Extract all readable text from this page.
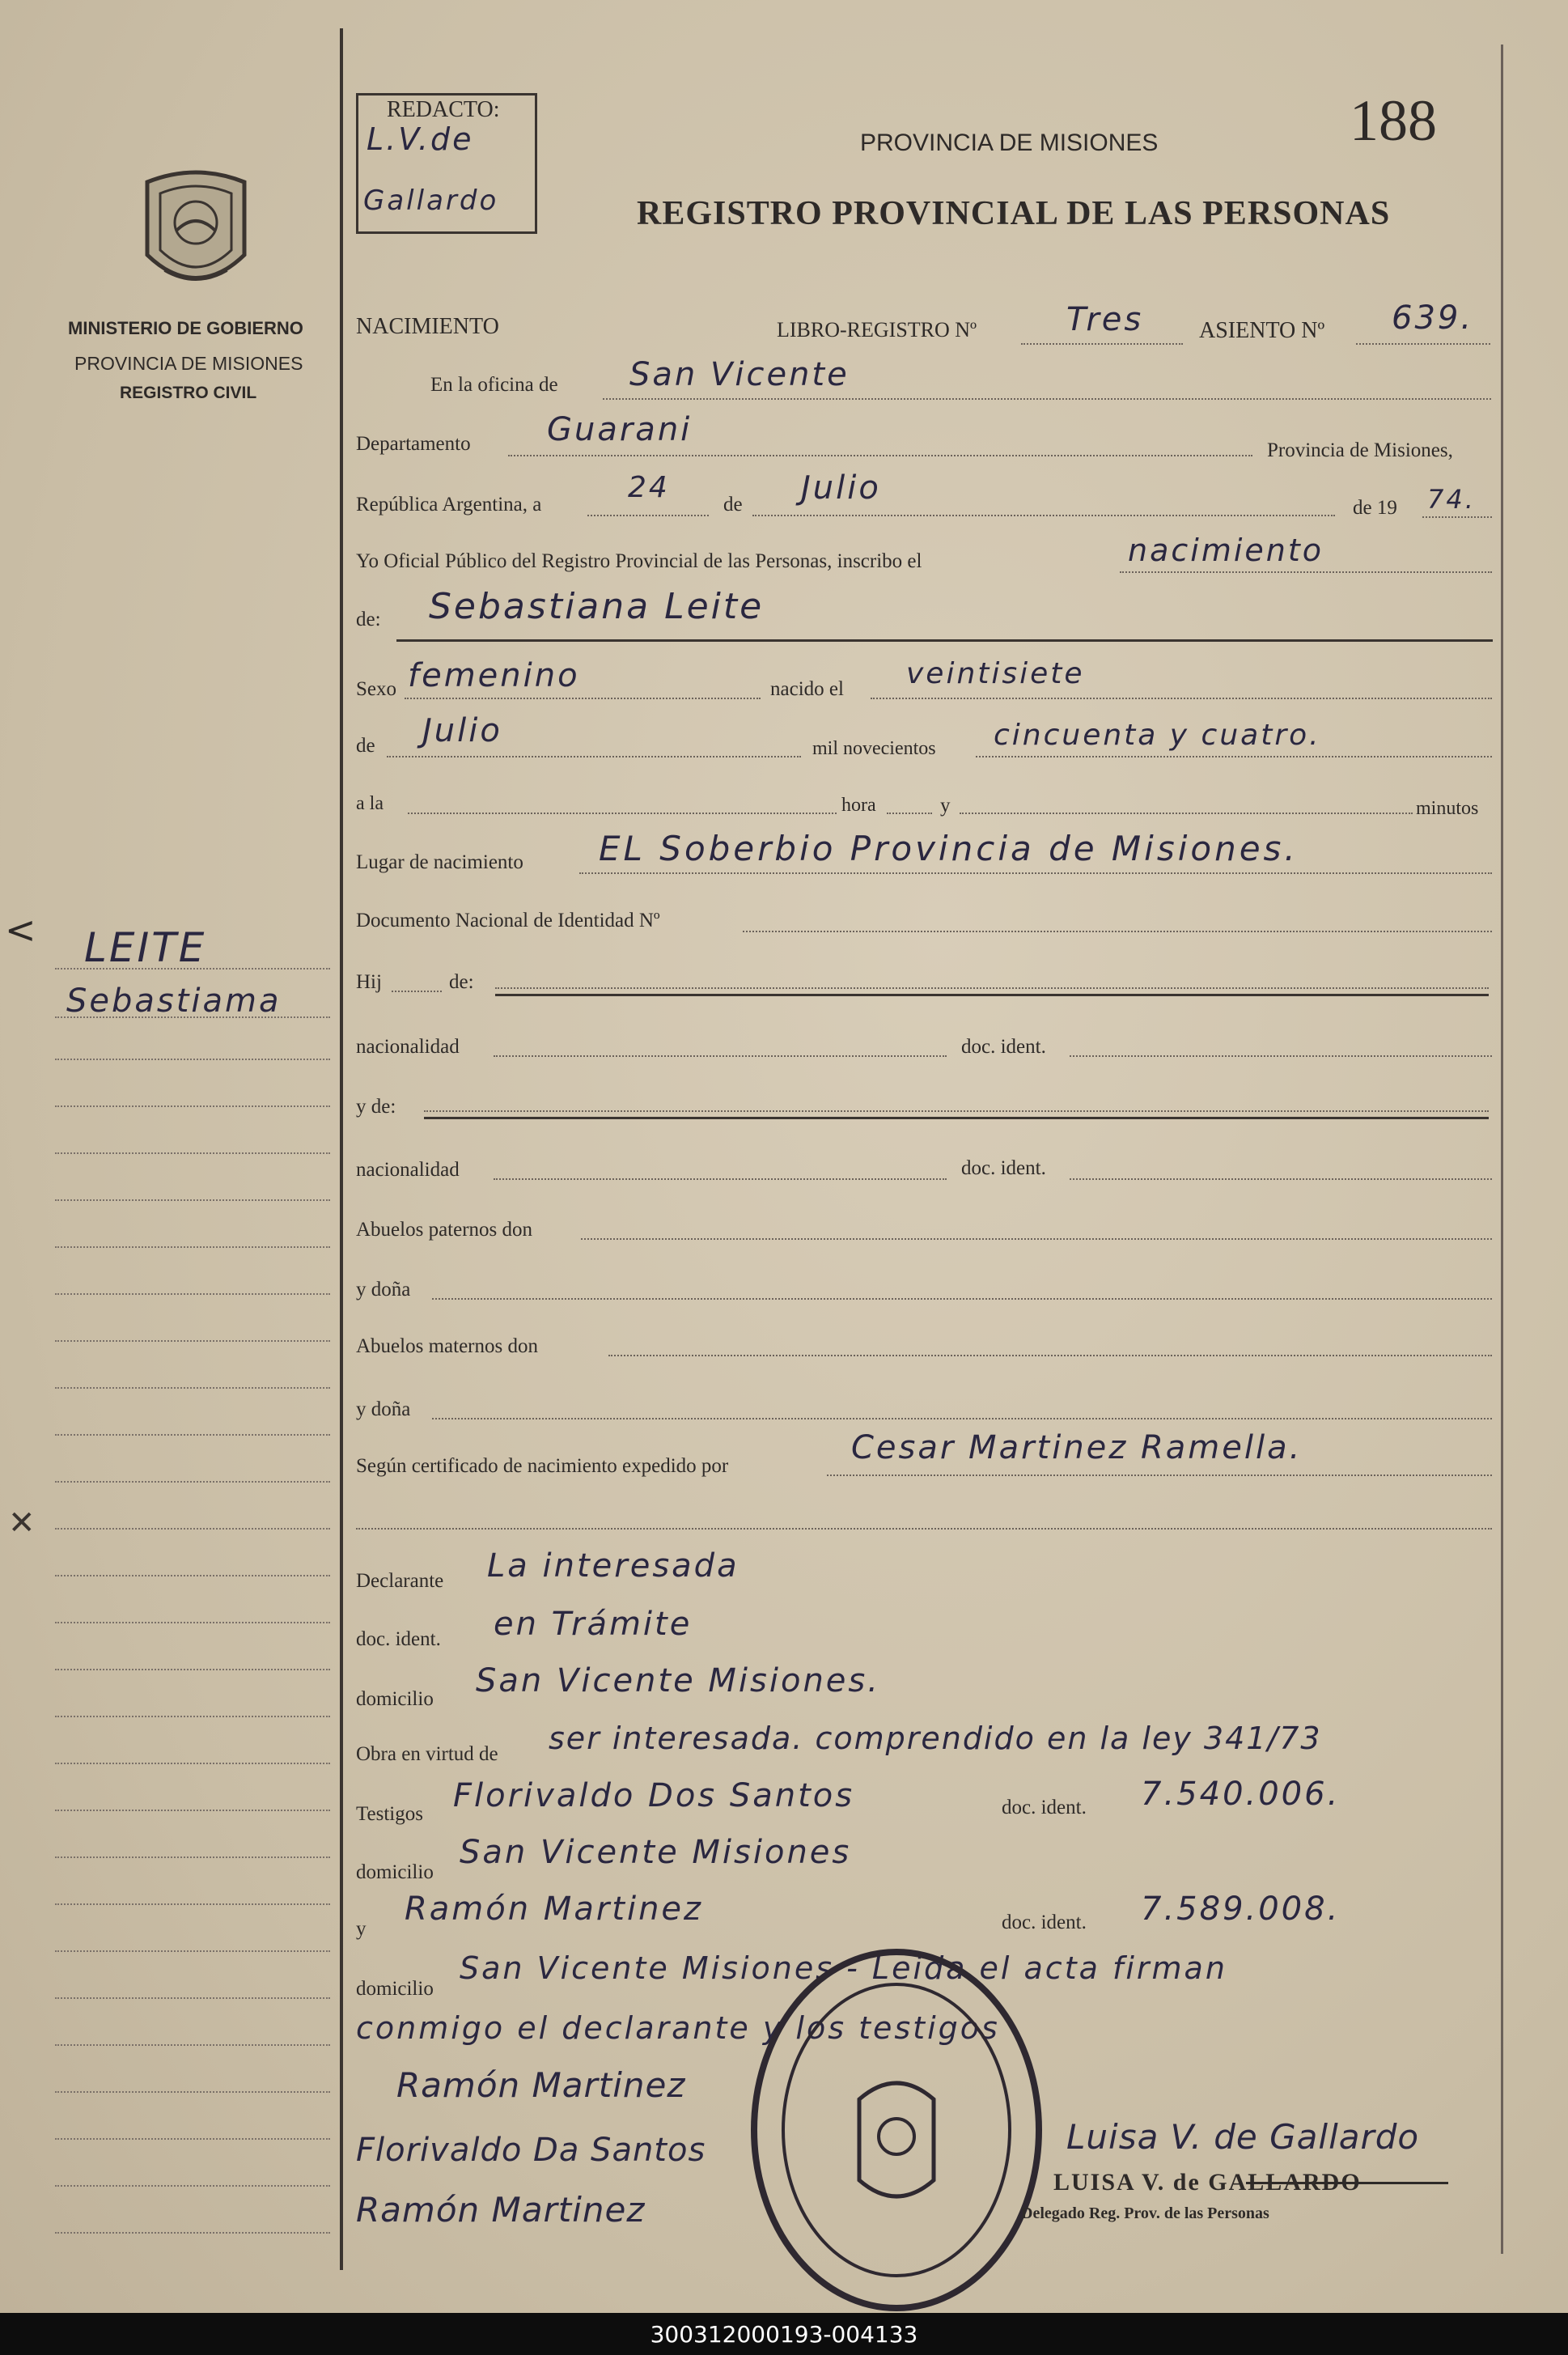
REDACTO:
L.V.de
Gallardo
PROVINCIA DE MISIONES
REGISTRO PROVINCIAL DE LAS PERSONAS
188
MINISTERIO DE GOBIERNO
PROVINCIA DE MISIONES
REGISTRO CIVIL
< LEITE
Sebastiama
✕
NACIMIENTO	LIBRO-REGISTRO Nº	Tres ASIENTO Nº 639.
En la oficina de San Vicente
Departamento Guarani
Provincia de Misiones,
República Argentina, a
24
de Julio
de 19 74.
Yo Oficial Público del Registro Provincial de las Personas, inscribo el	nacimiento
de: Sebastiana Leite
Sexo femenino	nacido el veintisiete
de Julio	mil novecientos cincuenta y cuatro.
a la	hora	y	minutos
Lugar de nacimiento EL Soberbio Provincia de Misiones.
Documento Nacional de Identidad Nº
Hij	de:
nacionalidad	doc. ident.
y de:
nacionalidad	doc. ident.
Abuelos paternos don
y doña
Abuelos maternos don
y doña
Según certificado de nacimiento expedido por	Cesar Martinez Ramella.
Declarante La interesada
doc. ident. en Trámite
domicilio San Vicente Misiones.
Obra en virtud de ser interesada. comprendido en la ley 341/73
Testigos Florivaldo Dos Santos	doc. ident. 7.540.006.
domicilio
San Vicente Misiones
y
Ramón Martinez	doc. ident. 7.589.008.
domicilio
San Vicente Misiones - Leida el acta firman
conmigo el declarante y los testigos
Ramón Martinez
Florivaldo Da Santos
Ramón Martinez
Luisa V. de Gallardo
LUISA V. de GALLARDO
Delegado Reg. Prov. de las Personas
300312000193-004133
